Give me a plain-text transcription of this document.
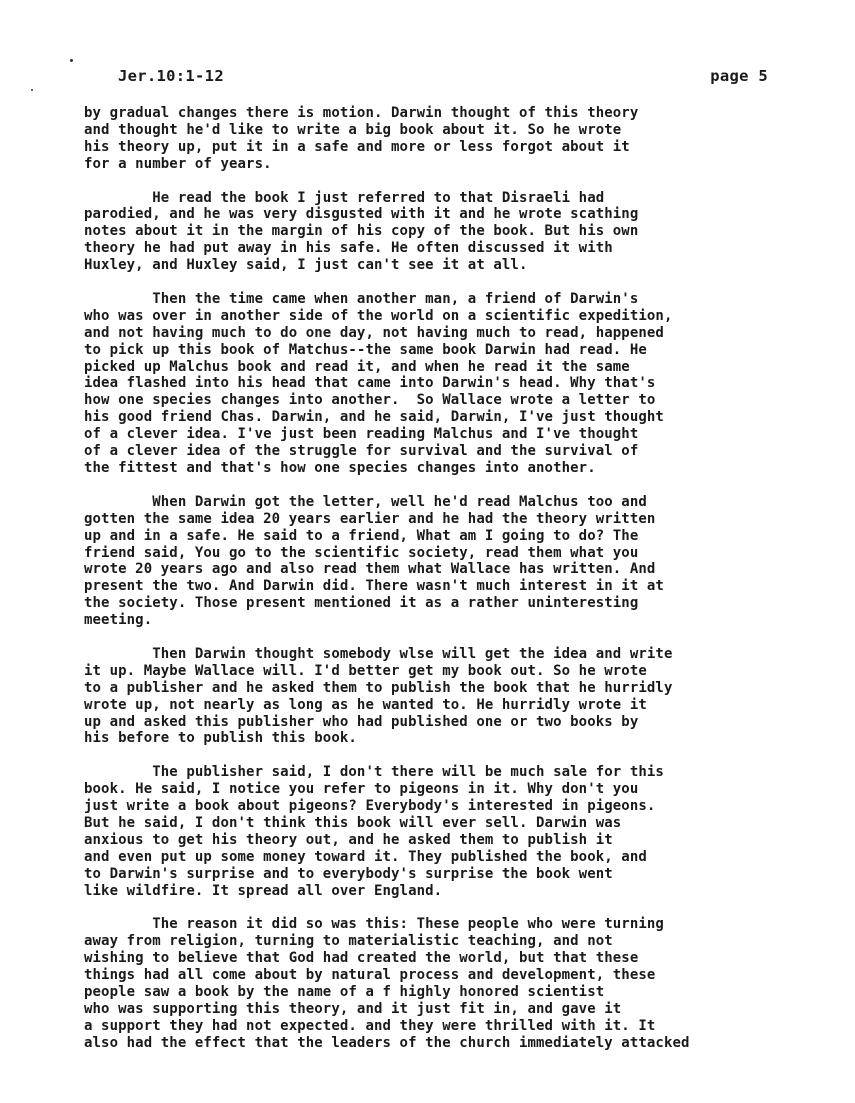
Jer.10:1-12	page 5
by gradual changes there is motion. Darwin thought of this theory
and thought he'd like to write a big book about it. So he wrote
his theory up, put it in a safe and more or less forgot about it
for a number of years.
He read the book I just referred to that Disraeli had
parodied, and he was very disgusted with it and he wrote scathing
notes about it in the margin of his copy of the book. But his own
theory he had put away in his safe. He often discussed it with
Huxley, and Huxley said, I just can't see it at all.
Then the time came when another man, a friend of Darwin's
who was over in another side of the world on a scientific expedition,
and not having much to do one day, not having much to read, happened
to pick up this book of Matchus--the same book Darwin had read. He
picked up Malchus book and read it, and when he read it the same
idea flashed into his head that came into Darwin's head. Why that's
how one species changes into another.  So Wallace wrote a letter to
his good friend Chas. Darwin, and he said, Darwin, I've just thought
of a clever idea. I've just been reading Malchus and I've thought
of a clever idea of the struggle for survival and the survival of
the fittest and that's how one species changes into another.
When Darwin got the letter, well he'd read Malchus too and
gotten the same idea 20 years earlier and he had the theory written
up and in a safe. He said to a friend, What am I going to do? The
friend said, You go to the scientific society, read them what you
wrote 20 years ago and also read them what Wallace has written. And
present the two. And Darwin did. There wasn't much interest in it at
the society. Those present mentioned it as a rather uninteresting
meeting.
Then Darwin thought somebody wlse will get the idea and write
it up. Maybe Wallace will. I'd better get my book out. So he wrote
to a publisher and he asked them to publish the book that he hurridly
wrote up, not nearly as long as he wanted to. He hurridly wrote it
up and asked this publisher who had published one or two books by
his before to publish this book.
The publisher said, I don't there will be much sale for this
book. He said, I notice you refer to pigeons in it. Why don't you
just write a book about pigeons? Everybody's interested in pigeons.
But he said, I don't think this book will ever sell. Darwin was
anxious to get his theory out, and he asked them to publish it
and even put up some money toward it. They published the book, and
to Darwin's surprise and to everybody's surprise the book went
like wildfire. It spread all over England.
The reason it did so was this: These people who were turning
away from religion, turning to materialistic teaching, and not
wishing to believe that God had created the world, but that these
things had all come about by natural process and development, these
people saw a book by the name of a f highly honored scientist
who was supporting this theory, and it just fit in, and gave it
a support they had not expected. and they were thrilled with it. It
also had the effect that the leaders of the church immediately attacked
